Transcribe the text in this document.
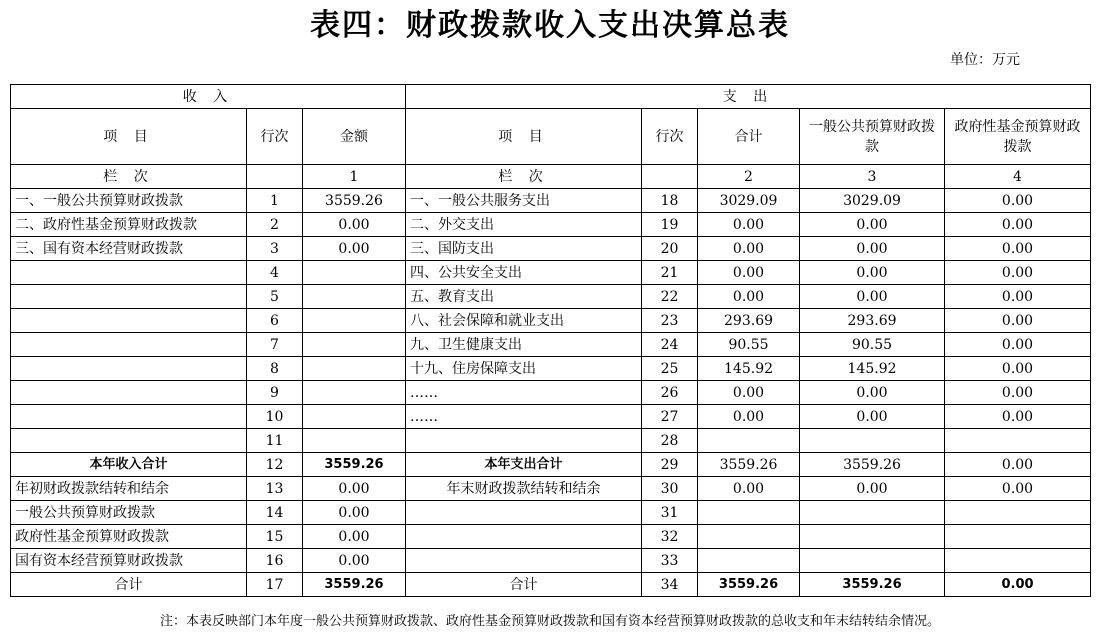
表四：财政拨款收入支出决算总表
单位：万元
收 入			支 出				
项 目	行次	金额	项 目	行次	合计	一般公共预算财政拨款	政府性基金预算财政拨款
栏 次		1	栏 次		2	3	4
一、一般公共预算财政拨款	1	3559.26	一、一般公共服务支出	18	3029.09	3029.09	0.00
二、政府性基金预算财政拨款	2	0.00	二、外交支出	19	0.00	0.00	0.00
三、国有资本经营财政拨款	3	0.00	三、国防支出	20	0.00	0.00	0.00
	4		四、公共安全支出	21	0.00	0.00	0.00
	5		五、教育支出	22	0.00	0.00	0.00
	6		八、社会保障和就业支出	23	293.69	293.69	0.00
	7		九、卫生健康支出	24	90.55	90.55	0.00
	8		十九、住房保障支出	25	145.92	145.92	0.00
	9		……	26	0.00	0.00	0.00
	10		……	27	0.00	0.00	0.00
	11			28			
本年收入合计	12	3559.26	本年支出合计	29	3559.26	3559.26	0.00
年初财政拨款结转和结余	13	0.00	年末财政拨款结转和结余	30	0.00	0.00	0.00
一般公共预算财政拨款	14	0.00		31			
政府性基金预算财政拨款	15	0.00		32			
国有资本经营预算财政拨款	16	0.00		33			
合计	17	3559.26	合计	34	3559.26	3559.26	0.00
注：本表反映部门本年度一般公共预算财政拨款、政府性基金预算财政拨款和国有资本经营预算财政拨款的总收支和年末结转结余情况。
